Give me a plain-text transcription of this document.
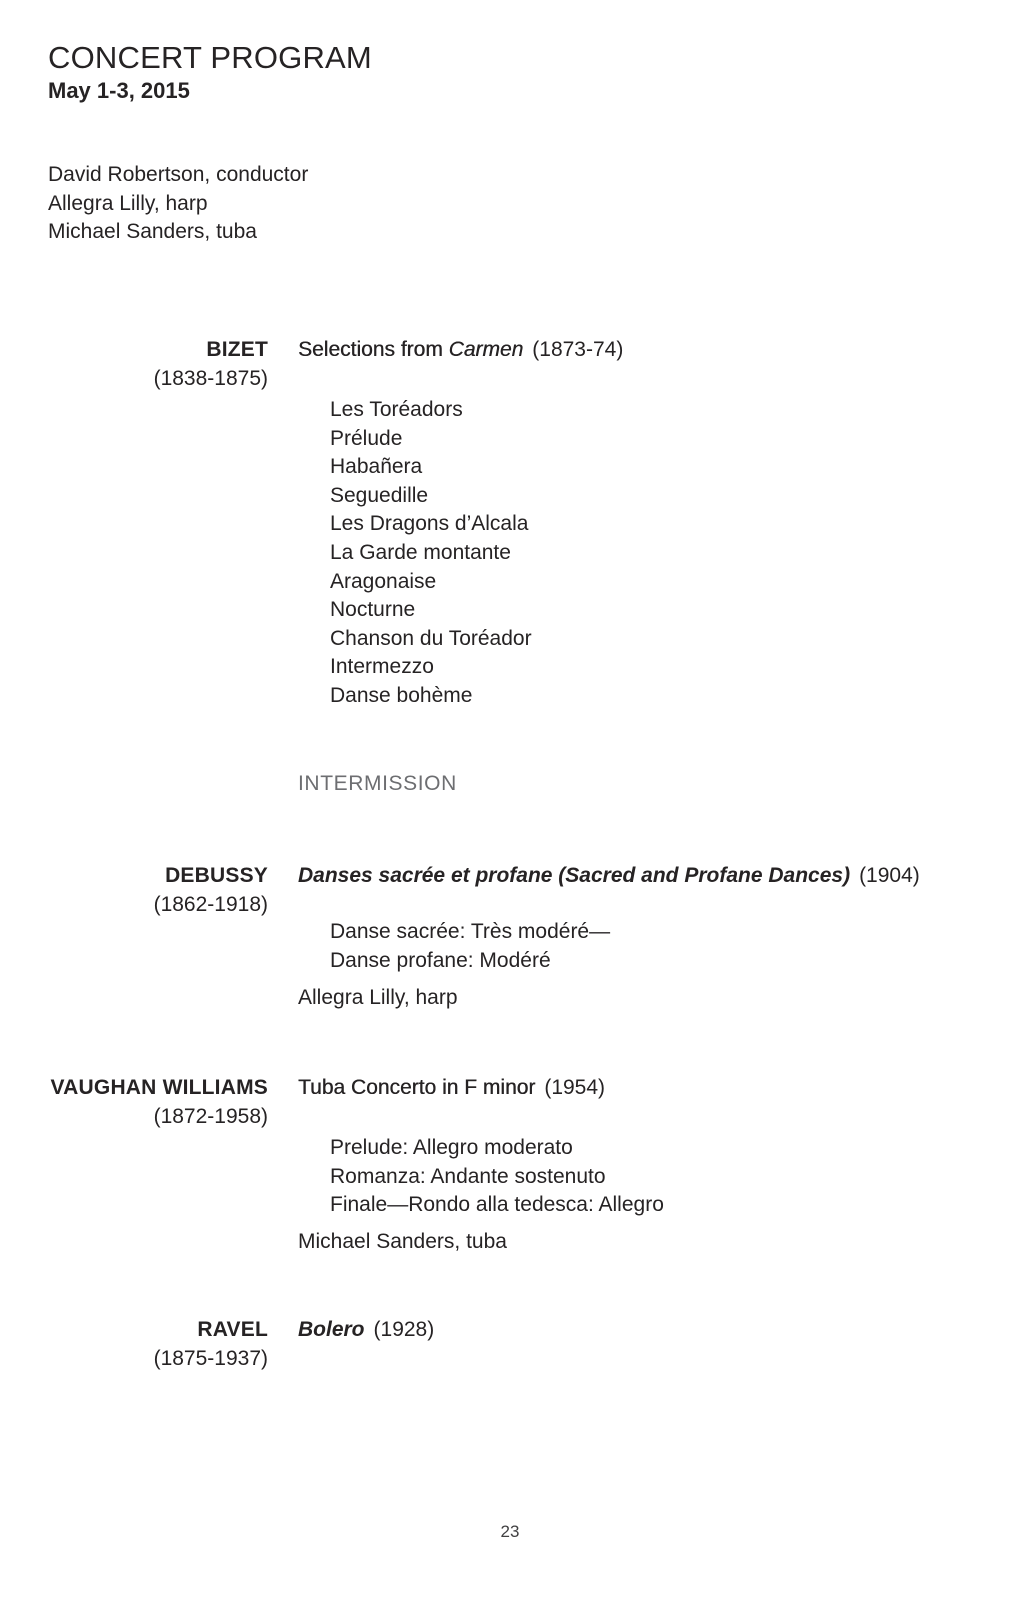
CONCERT PROGRAM
May 1-3, 2015
David Robertson, conductor
Allegra Lilly, harp
Michael Sanders, tuba
BIZET
(1838-1875)
Selections from Carmen (1873-74)
Les Toréadors
Prélude
Habañera
Seguedille
Les Dragons d’Alcala
La Garde montante
Aragonaise
Nocturne
Chanson du Toréador
Intermezzo
Danse bohème
INTERMISSION
DEBUSSY
(1862-1918)
Danses sacrée et profane (Sacred and Profane Dances) (1904)
Danse sacrée: Très modéré—
Danse profane: Modéré
Allegra Lilly, harp
VAUGHAN WILLIAMS
(1872-1958)
Tuba Concerto in F minor (1954)
Prelude: Allegro moderato
Romanza: Andante sostenuto
Finale—Rondo alla tedesca: Allegro
Michael Sanders, tuba
RAVEL
(1875-1937)
Bolero (1928)
23
